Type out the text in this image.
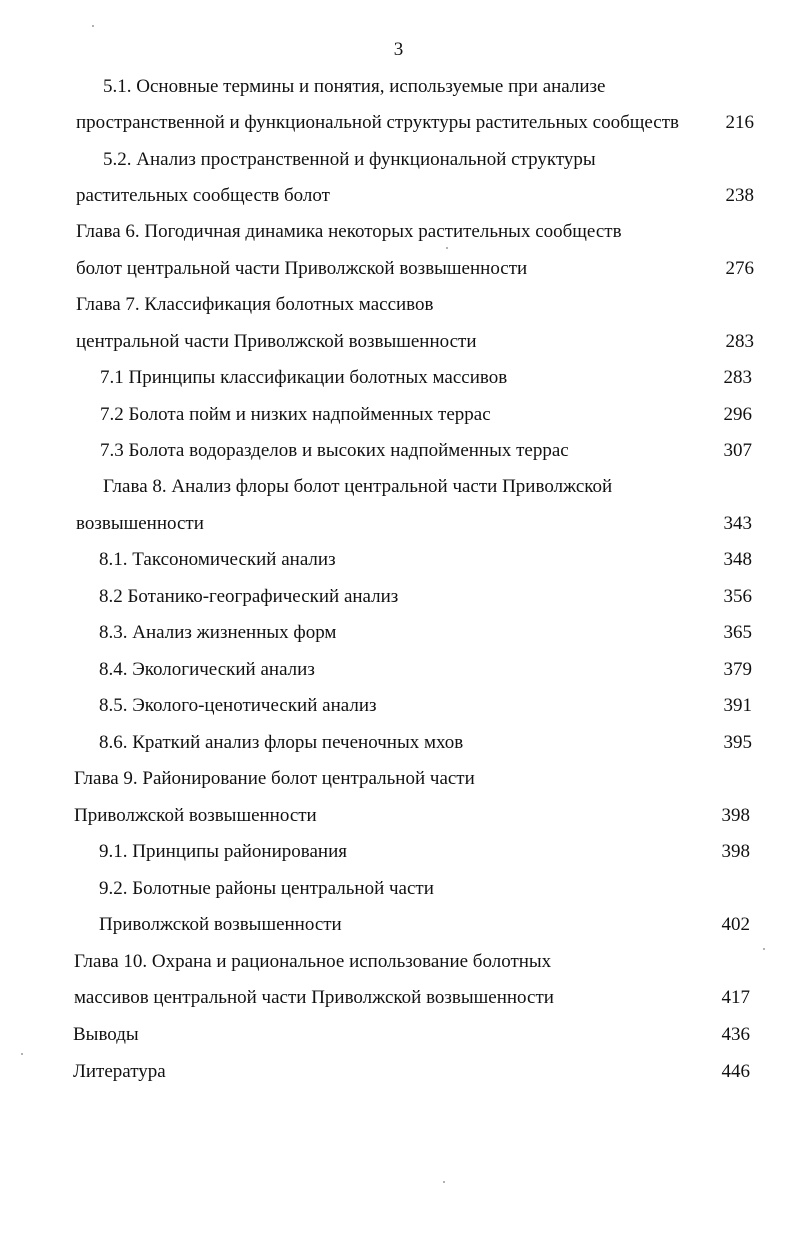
3
5.1. Основные термины и понятия, используемые при анализе
пространственной и функциональной структуры растительных сообществ 216
5.2. Анализ пространственной и функциональной структуры
растительных сообществ болот	238
Глава 6. Погодичная динамика некоторых растительных сообществ
болот центральной части Приволжской возвышенности	276
Глава 7. Классификация болотных массивов
центральной части Приволжской возвышенности	283
7.1 Принципы классификации болотных массивов	283
7.2 Болота пойм и низких надпойменных террас	296
7.3 Болота водоразделов и высоких надпойменных террас	307
Глава 8. Анализ флоры болот центральной части Приволжской
возвышенности	343
8.1. Таксономический анализ	348
8.2 Ботанико-географический анализ	356
8.3. Анализ жизненных форм	365
8.4. Экологический анализ	379
8.5. Эколого-ценотический анализ	391
8.6. Краткий анализ флоры печеночных мхов	395
Глава 9. Районирование болот центральной части
Приволжской возвышенности	398
9.1. Принципы районирования	398
9.2. Болотные районы центральной части
Приволжской возвышенности	402
Глава 10. Охрана и рациональное использование болотных
массивов центральной части Приволжской возвышенности	417
Выводы	436
Литература	446
